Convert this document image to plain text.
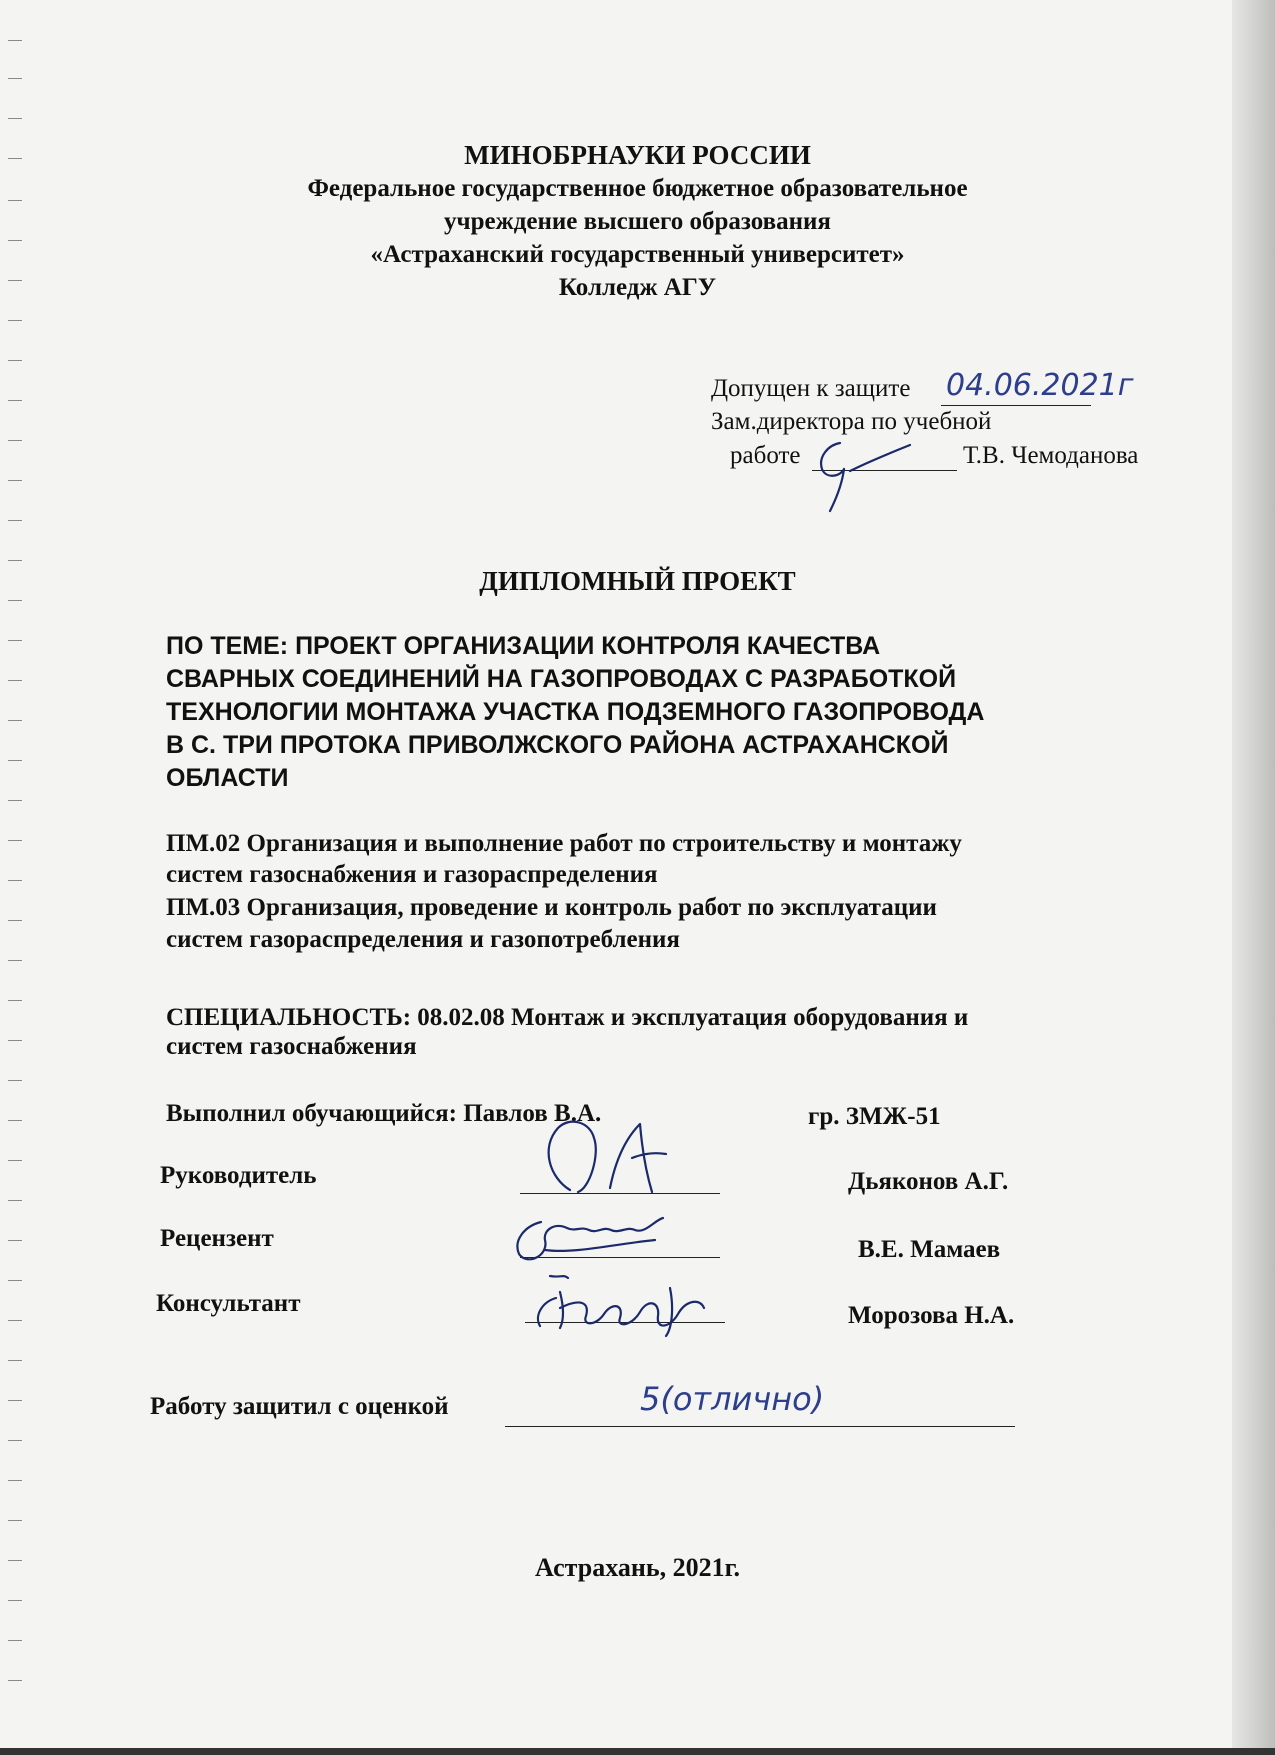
МИНОБРНАУКИ РОССИИ
Федеральное государственное бюджетное образовательное
учреждение высшего образования
«Астраханский государственный университет»
Колледж АГУ
Допущен к защите 04.06.2021г
Зам.директора по учебной
работе	Т.В. Чемоданова
ДИПЛОМНЫЙ ПРОЕКТ
ПО ТЕМЕ: ПРОЕКТ ОРГАНИЗАЦИИ КОНТРОЛЯ КАЧЕСТВА
СВАРНЫХ СОЕДИНЕНИЙ НА ГАЗОПРОВОДАХ С РАЗРАБОТКОЙ
ТЕХНОЛОГИИ МОНТАЖА УЧАСТКА ПОДЗЕМНОГО ГАЗОПРОВОДА
В С. ТРИ ПРОТОКА ПРИВОЛЖСКОГО РАЙОНА АСТРАХАНСКОЙ
ОБЛАСТИ
ПМ.02 Организация и выполнение работ по строительству и монтажу
систем газоснабжения и газораспределения
ПМ.03 Организация, проведение и контроль работ по эксплуатации
систем газораспределения и газопотребления
СПЕЦИАЛЬНОСТЬ: 08.02.08 Монтаж и эксплуатация оборудования и
систем газоснабжения
Выполнил обучающийся: Павлов В.А.	гр. ЗМЖ-51
Руководитель	Дьяконов А.Г.
Рецензент	В.Е. Мамаев
Консультант	Морозова Н.А.
Работу защитил с оценкой	5(отлично)
Астрахань, 2021г.
